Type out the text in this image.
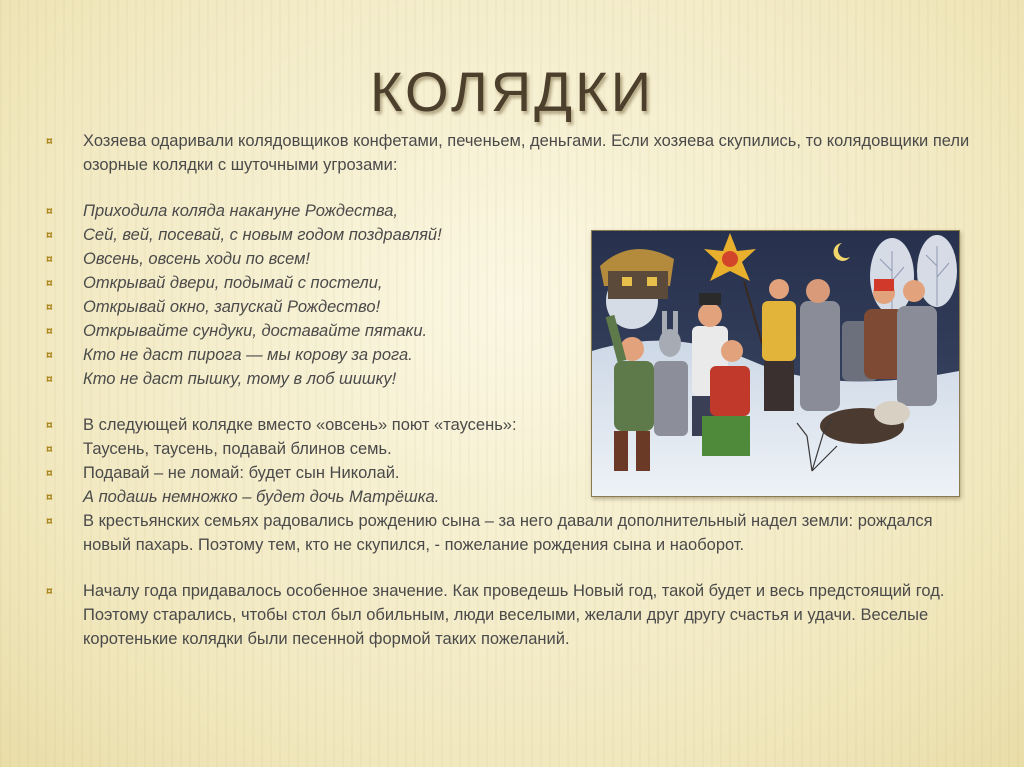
КОЛЯДКИ
¤	Хозяева одаривали колядовщиков конфетами, печеньем, деньгами. Если хозяева скупились, то колядовщики пели озорные колядки с шуточными угрозами:
¤	Приходила коляда накануне Рождества,
¤	Сей, вей, посевай, с новым годом поздравляй!
¤	Овсень, овсень ходи по всем!
¤	Открывай двери, подымай с постели,
¤	Открывай окно, запускай Рождество!
¤	Открывайте сундуки, доставайте пятаки.
¤	Кто не даст пирога — мы корову за рога.
¤	Кто не даст пышку, тому в лоб шишку!
¤	В следующей колядке вместо «овсень» поют «таусень»:
¤	Таусень, таусень, подавай блинов семь.
¤	Подавай – не ломай: будет сын Николай.
¤	А подашь немножко – будет дочь Матрёшка.
¤	В крестьянских семьях радовались рождению сына – за него давали дополнительный надел земли: рождался новый пахарь. Поэтому тем, кто не скупился, - пожелание рождения сына и наоборот.
¤	Началу года придавалось особенное значение. Как проведешь Новый год, такой будет и весь предстоящий год. Поэтому старались, чтобы стол был обильным, люди веселыми, желали друг другу счастья и удачи. Веселые коротенькие колядки были песенной формой таких пожеланий.
